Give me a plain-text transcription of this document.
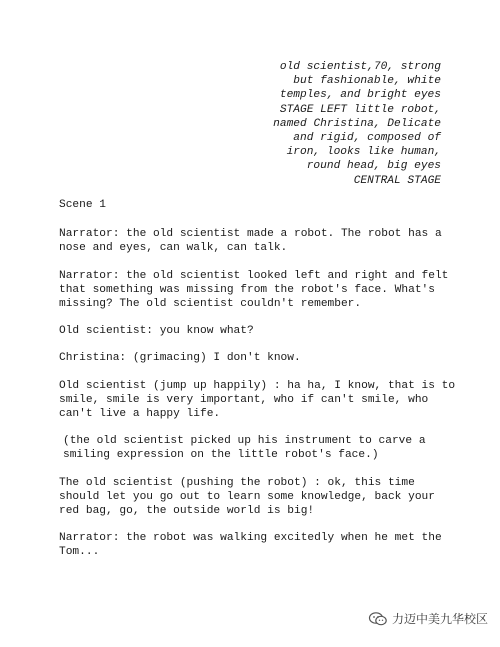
old scientist,70, strong
but fashionable, white
temples, and bright eyes
STAGE LEFT little robot,
named Christina, Delicate
and rigid, composed of
iron, looks like human,
round head, big eyes
CENTRAL STAGE

Scene 1

Narrator: the old scientist made a robot. The robot has a nose and eyes, can walk, can talk.

Narrator: the old scientist looked left and right and felt that something was missing from the robot's face. What's missing? The old scientist couldn't remember.

Old scientist: you know what?

Christina: (grimacing) I don't know.

Old scientist (jump up happily) : ha ha, I know, that is to smile, smile is very important, who if can't smile, who can't live a happy life.

(the old scientist picked up his instrument to carve a smiling expression on the little robot's face.)

The old scientist (pushing the robot) : ok, this time should let you go out to learn some knowledge, back your red bag, go, the outside world is big!

Narrator: the robot was walking excitedly when he met the Tom...

力迈中美九华校区
